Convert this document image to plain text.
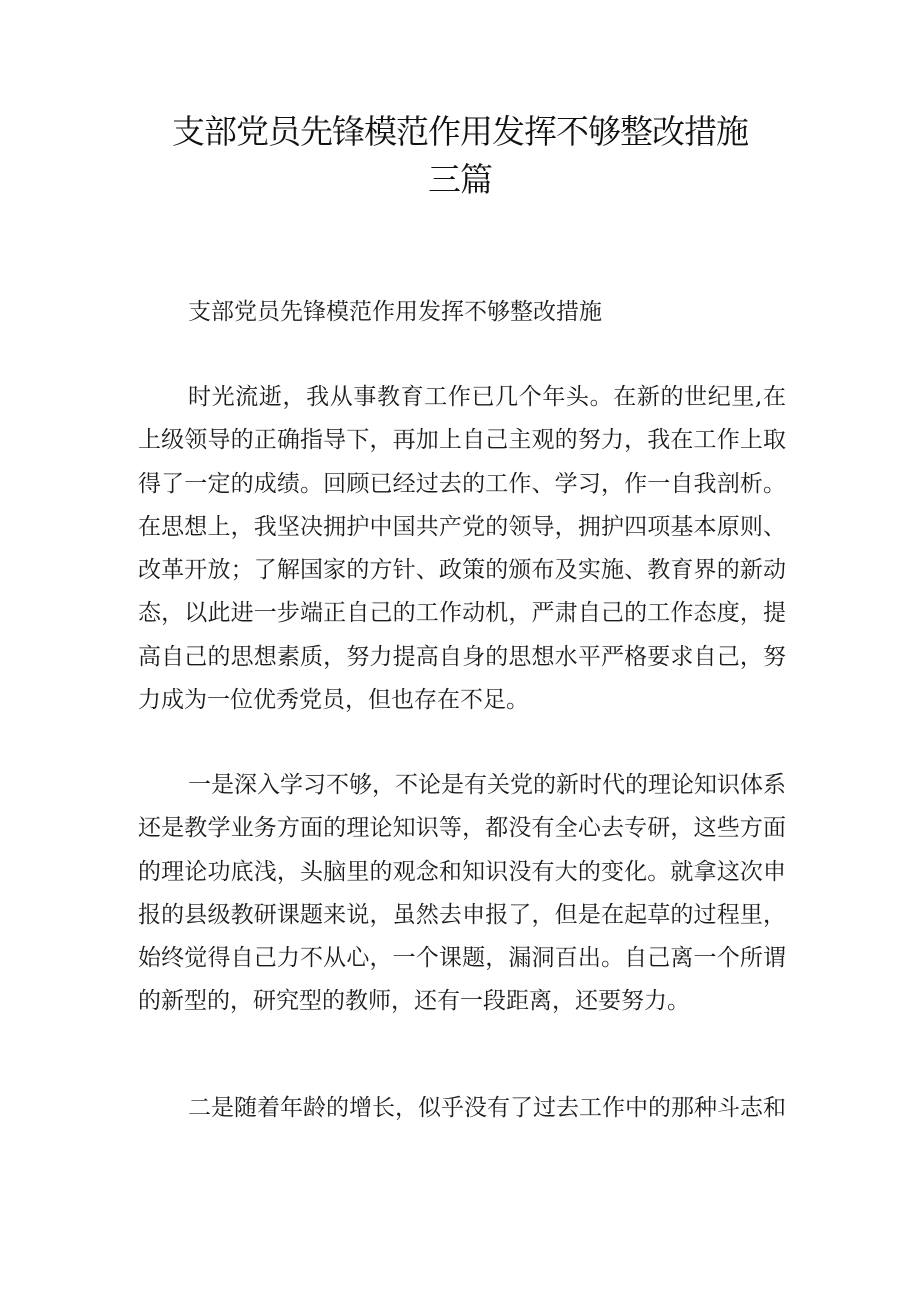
支部党员先锋模范作用发挥不够整改措施
三篇

支部党员先锋模范作用发挥不够整改措施

时光流逝，我从事教育工作已几个年头。在新的世纪里,在上级领导的正确指导下，再加上自己主观的努力，我在工作上取得了一定的成绩。回顾已经过去的工作、学习，作一自我剖析。在思想上，我坚决拥护中国共产党的领导，拥护四项基本原则、改革开放；了解国家的方针、政策的颁布及实施、教育界的新动态，以此进一步端正自己的工作动机，严肃自己的工作态度，提高自己的思想素质，努力提高自身的思想水平严格要求自己，努力成为一位优秀党员，但也存在不足。

一是深入学习不够，不论是有关党的新时代的理论知识体系还是教学业务方面的理论知识等，都没有全心去专研，这些方面的理论功底浅，头脑里的观念和知识没有大的变化。就拿这次申报的县级教研课题来说，虽然去申报了，但是在起草的过程里，始终觉得自己力不从心，一个课题，漏洞百出。自己离一个所谓的新型的，研究型的教师，还有一段距离，还要努力。

二是随着年龄的增长，似乎没有了过去工作中的那种斗志和
